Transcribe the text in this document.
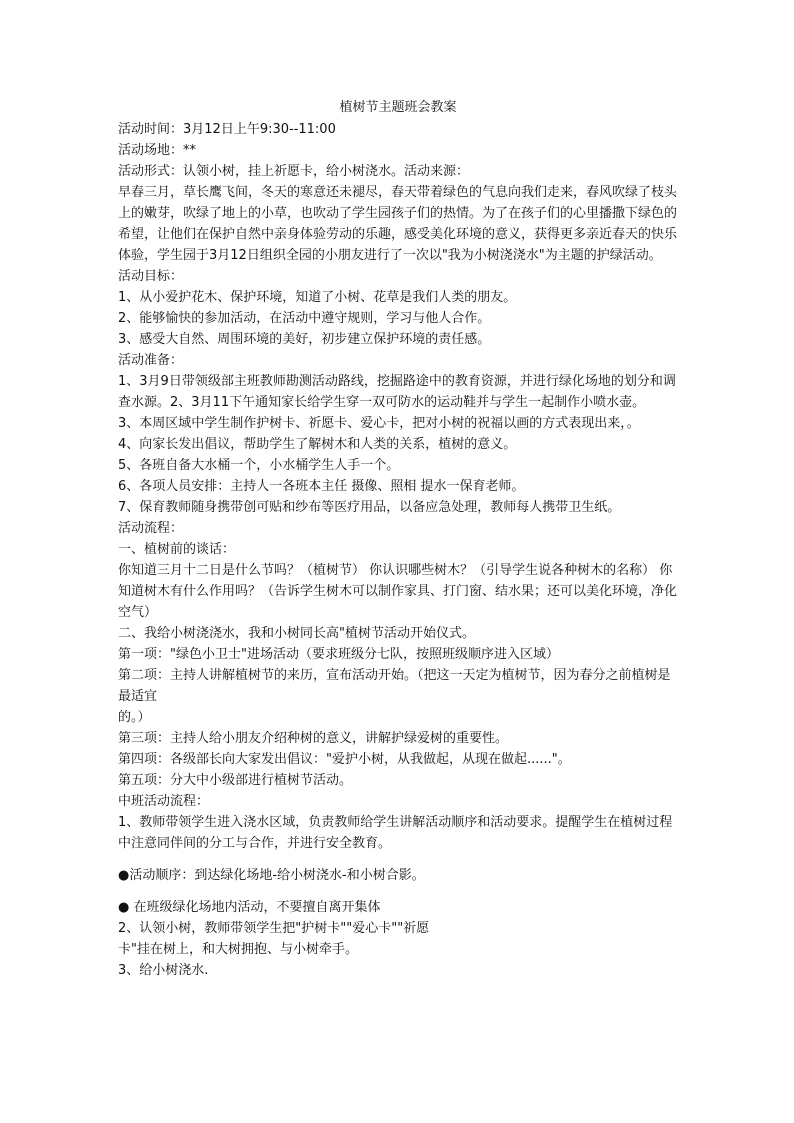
植树节主题班会教案

活动时间：3月12日上午9:30--11:00

活动场地：**

活动形式：认领小树，挂上祈愿卡，给小树浇水。活动来源：

早春三月，草长鹰飞间，冬天的寒意还未褪尽，春天带着绿色的气息向我们走来，春风吹绿了枝头上的嫩芽，吹绿了地上的小草，也吹动了学生园孩子们的热情。为了在孩子们的心里播撒下绿色的希望，让他们在保护自然中亲身体验劳动的乐趣，感受美化环境的意义，获得更多亲近春天的快乐体验，学生园于3月12日组织全园的小朋友进行了一次以"我为小树浇浇水"为主题的护绿活动。

活动目标：

1、从小爱护花木、保护环境，知道了小树、花草是我们人类的朋友。

2、能够愉快的参加活动，在活动中遵守规则，学习与他人合作。

3、感受大自然、周围环境的美好，初步建立保护环境的责任感。

活动准备：

1、3月9日带领级部主班教师勘测活动路线，挖掘路途中的教育资源，并进行绿化场地的划分和调查水源。2、3月11下午通知家长给学生穿一双可防水的运动鞋并与学生一起制作小喷水壶。

3、本周区域中学生制作护树卡、祈愿卡、爱心卡，把对小树的祝福以画的方式表现出来，。

4、向家长发出倡议，帮助学生了解树木和人类的关系，植树的意义。

5、各班自备大水桶一个，小水桶学生人手一个。

6、各项人员安排：主持人一各班本主任 摄像、照相 提水一保育老师。

7、保育教师随身携带创可贴和纱布等医疗用品，以备应急处理，教师每人携带卫生纸。

活动流程：

一、植树前的谈话：

你知道三月十二日是什么节吗？（植树节） 你认识哪些树木？（引导学生说各种树木的名称） 你知道树木有什么作用吗？（告诉学生树木可以制作家具、打门窗、结水果；还可以美化环境，净化空气）

二、我给小树浇浇水，我和小树同长高"植树节活动开始仪式。

第一项："绿色小卫士"进场活动（要求班级分七队，按照班级顺序进入区域）

第二项：主持人讲解植树节的来历，宣布活动开始。（把这一天定为植树节，因为春分之前植树是最适宜

的。）

第三项：主持人给小朋友介绍种树的意义，讲解护绿爱树的重要性。

第四项：各级部长向大家发出倡议："爱护小树，从我做起，从现在做起......"。

第五项：分大中小级部进行植树节活动。

中班活动流程：

1、教师带领学生进入浇水区域，负责教师给学生讲解活动顺序和活动要求。提醒学生在植树过程中注意同伴间的分工与合作，并进行安全教育。

●活动顺序：到达绿化场地-给小树浇水-和小树合影。

● 在班级绿化场地内活动，不要擅自离开集体

2、认领小树，教师带领学生把"护树卡""爱心卡""祈愿

卡"挂在树上，和大树拥抱、与小树牵手。

3、给小树浇水.
